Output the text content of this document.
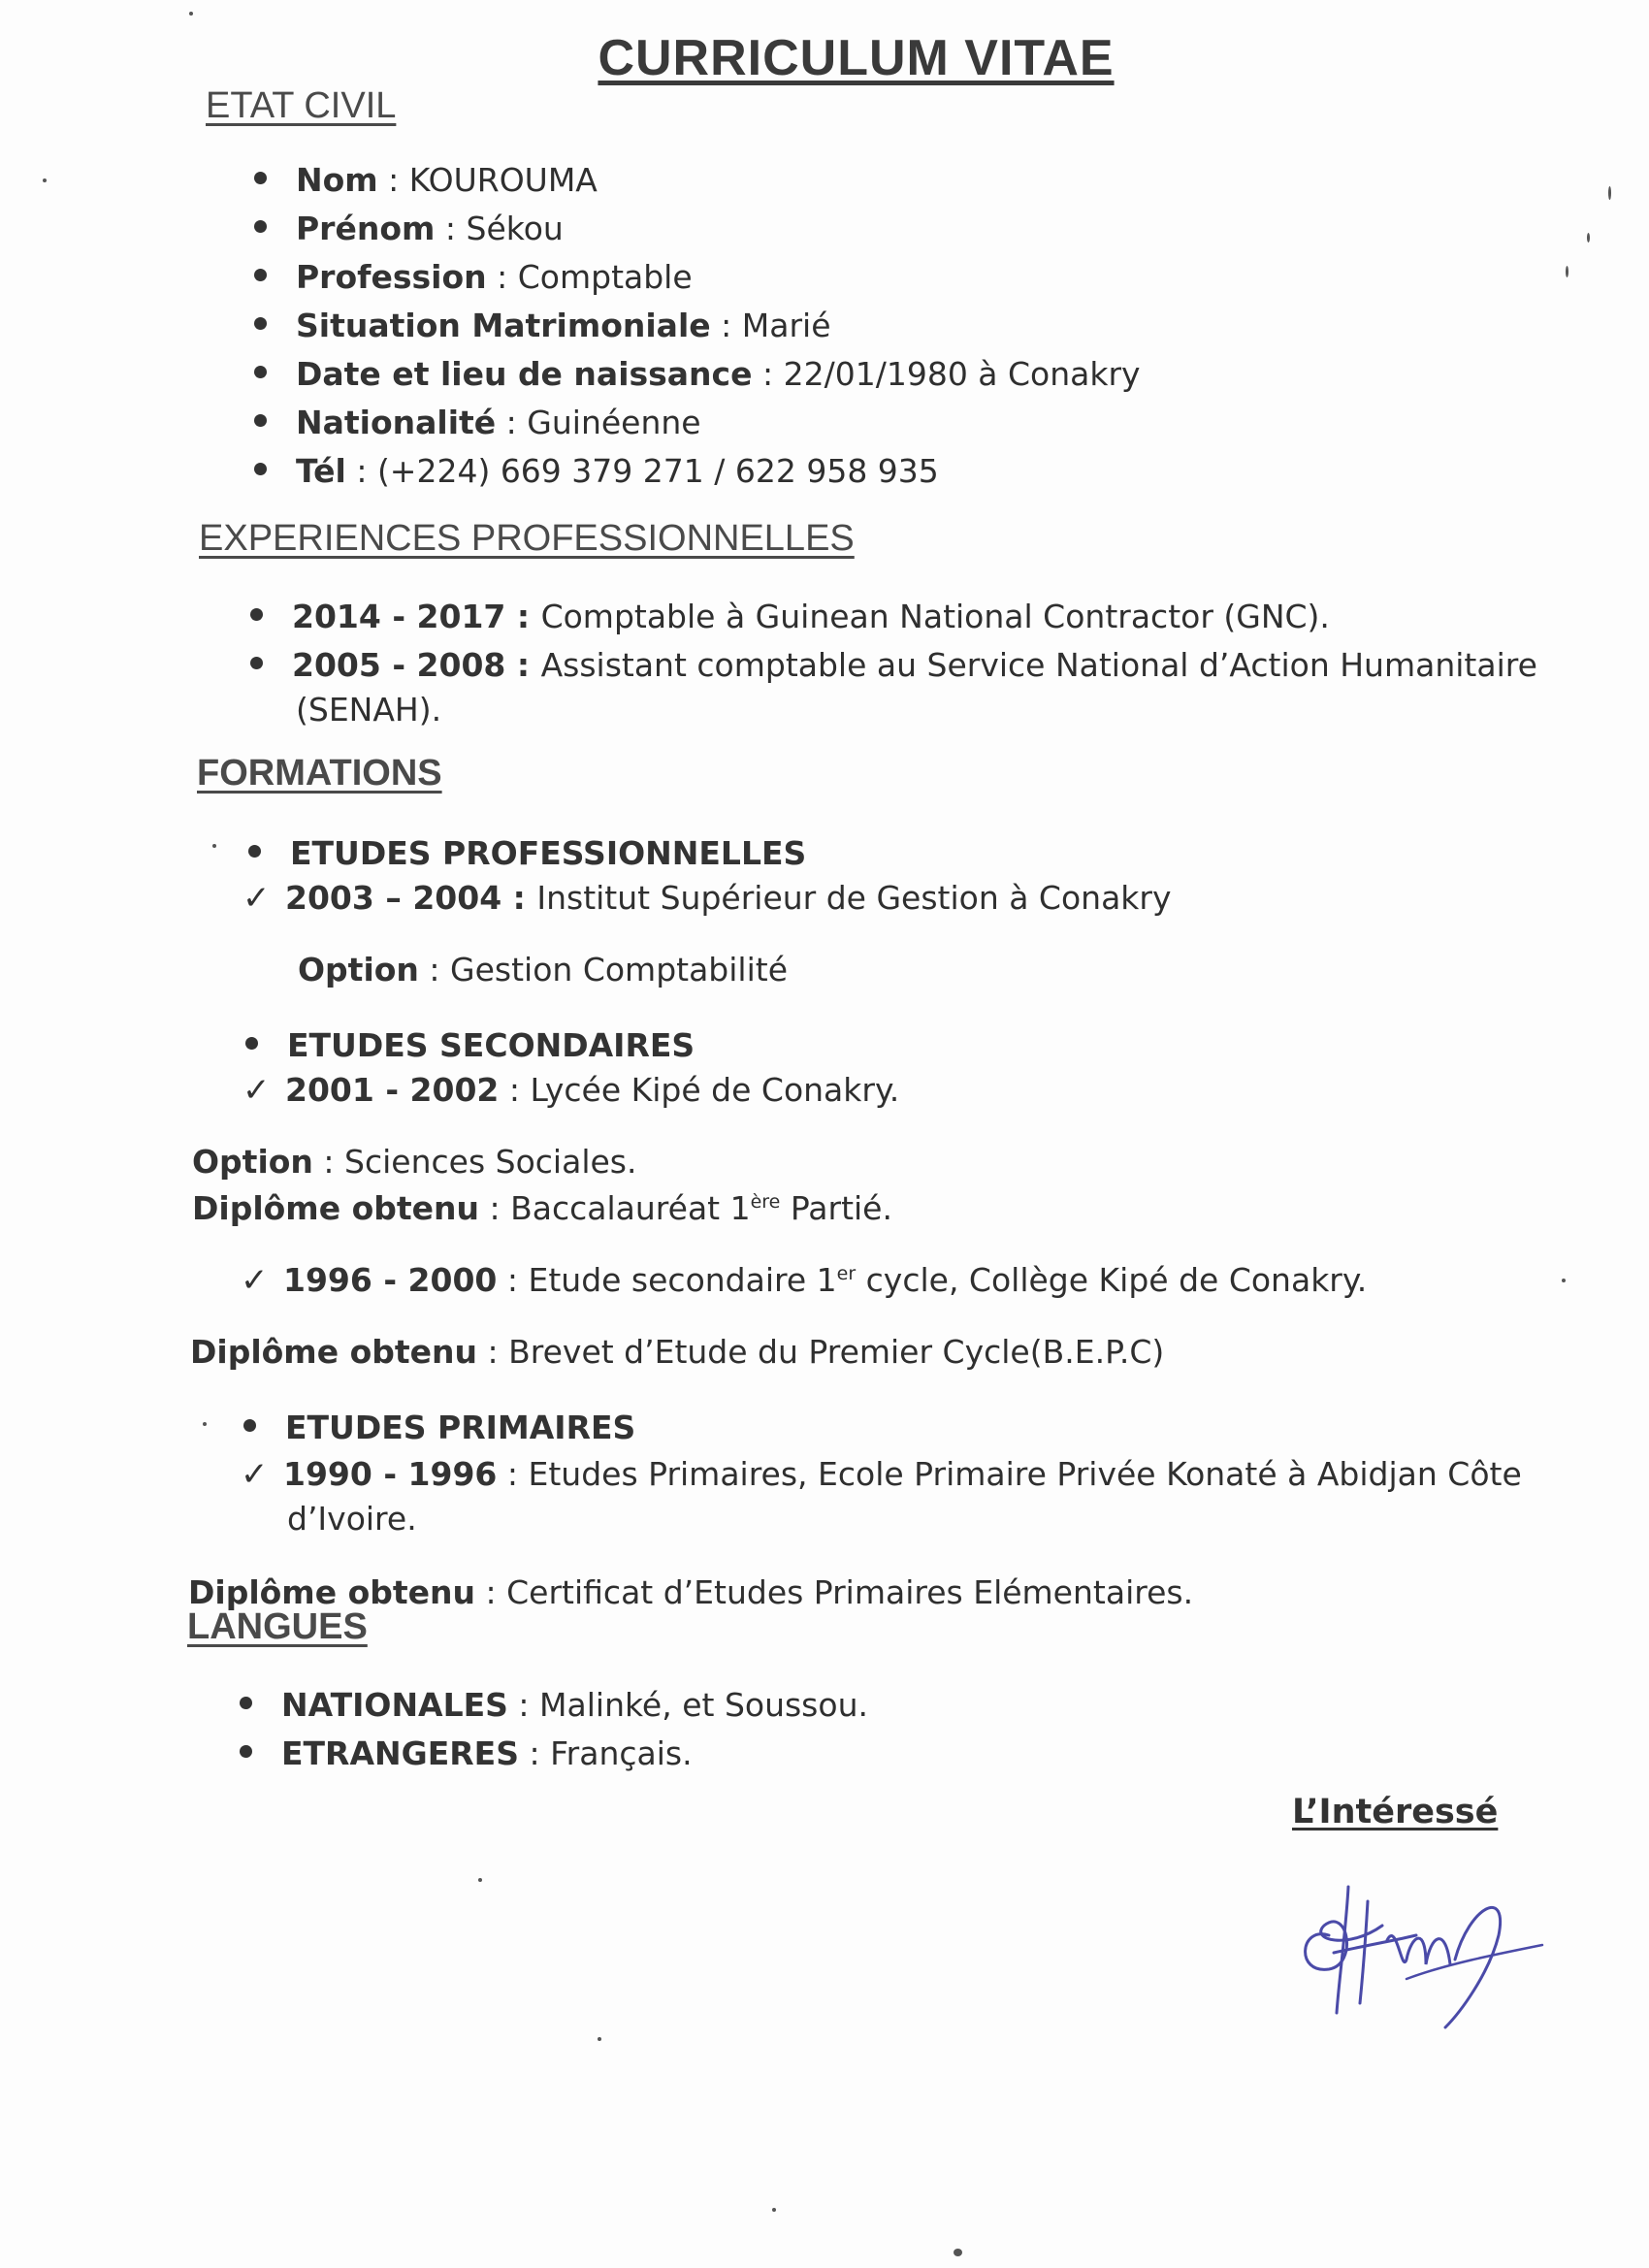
CURRICULUM VITAE
ETAT CIVIL
Nom : KOUROUMA
Prénom : Sékou
Profession : Comptable
Situation Matrimoniale : Marié
Date et lieu de naissance : 22/01/1980 à Conakry
Nationalité : Guinéenne
Tél : (+224) 669 379 271 / 622 958 935
EXPERIENCES PROFESSIONNELLES
2014 - 2017 : Comptable à Guinean National Contractor (GNC).
2005 - 2008 : Assistant comptable au Service National d’Action Humanitaire
(SENAH).
FORMATIONS
ETUDES PROFESSIONNELLES
✓ 2003 – 2004 : Institut Supérieur de Gestion à Conakry
Option : Gestion Comptabilité
ETUDES SECONDAIRES
✓ 2001 - 2002 : Lycée Kipé de Conakry.
Option : Sciences Sociales.
Diplôme obtenu : Baccalauréat 1ère Partié.
✓ 1996 - 2000 : Etude secondaire 1er cycle, Collège Kipé de Conakry.
Diplôme obtenu : Brevet d’Etude du Premier Cycle(B.E.P.C)
ETUDES PRIMAIRES
✓ 1990 - 1996 : Etudes Primaires, Ecole Primaire Privée Konaté à Abidjan Côte
d’Ivoire.
Diplôme obtenu : Certificat d’Etudes Primaires Elémentaires.
LANGUES
NATIONALES : Malinké, et Soussou.
ETRANGERES : Français.
L’Intéressé
